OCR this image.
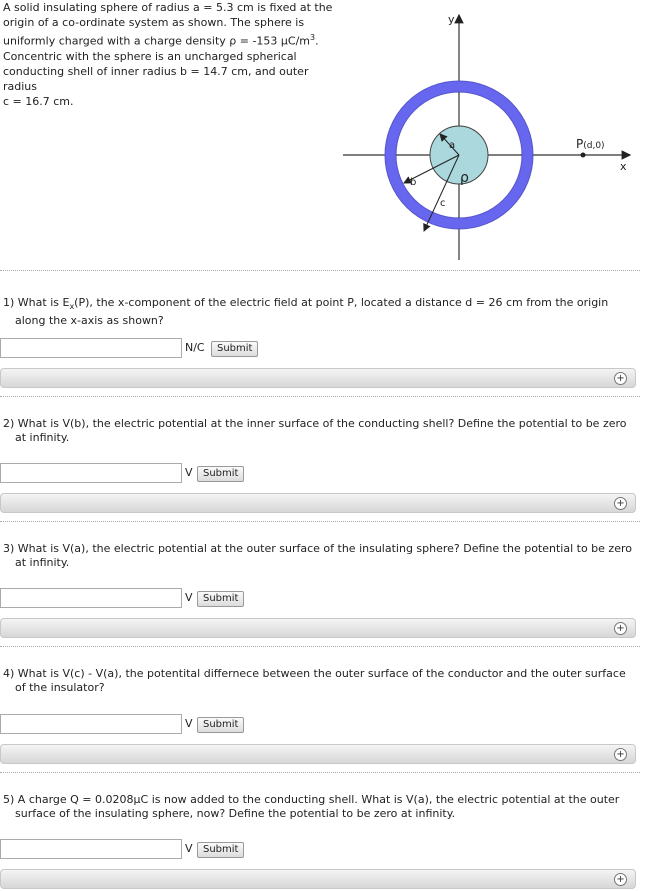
A solid insulating sphere of radius a = 5.3 cm is fixed at the
origin of a co-ordinate system as shown. The sphere is
uniformly charged with a charge density ρ = -153 $\mu C/m^3$.
Concentric with the sphere is an uncharged spherical
conducting shell of inner radius b = 14.7 cm, and outer radius
c = 16.7 cm.
y
x
P(d,0)
a
b
c
ρ

1) What is $E_x(P)$, the x-component of the electric field at point P, located a distance d = 26 cm from the origin along the x-axis as shown?

N/C	Submit
+

2) What is V(b), the electric potential at the inner surface of the conducting shell? Define the potential to be zero at infinity.

V	Submit
+

3) What is V(a), the electric potential at the outer surface of the insulating sphere? Define the potential to be zero at infinity.

V	Submit
+

4) What is V(c) - V(a), the potentital differnece between the outer surface of the conductor and the outer surface of the insulator?

V	Submit
+

5) A charge Q = 0.0208μC is now added to the conducting shell. What is V(a), the electric potential at the outer surface of the insulating sphere, now? Define the potential to be zero at infinity.

V	Submit
+
